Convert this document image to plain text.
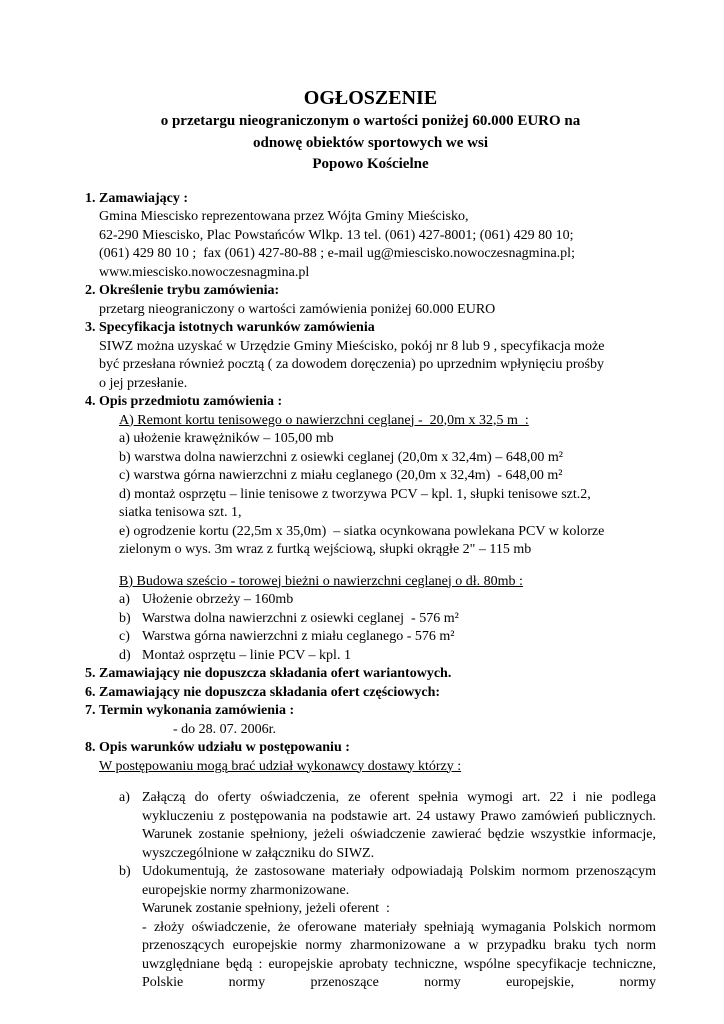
OGŁOSZENIE
o przetargu nieograniczonym o wartości poniżej 60.000 EURO na
odnowę obiektów sportowych we wsi
Popowo Kościelne
1. Zamawiający :
Gmina Miescisko reprezentowana przez Wójta Gminy Mieścisko,
62-290 Miescisko, Plac Powstańców Wlkp. 13 tel. (061) 427-8001; (061) 429 80 10;
(061) 429 80 10 ;  fax (061) 427-80-88 ; e-mail ug@miescisko.nowoczesnagmina.pl;
www.miescisko.nowoczesnagmina.pl
2. Określenie trybu zamówienia:
przetarg nieograniczony o wartości zamówienia poniżej 60.000 EURO
3. Specyfikacja istotnych warunków zamówienia
SIWZ można uzyskać w Urzędzie Gminy Mieścisko, pokój nr 8 lub 9 , specyfikacja może
być przesłana również pocztą ( za dowodem doręczenia) po uprzednim wpłynięciu prośby
o jej przesłanie.
4. Opis przedmiotu zamówienia :
A) Remont kortu tenisowego o nawierzchni ceglanej -  20,0m x 32,5 m  :
a) ułożenie krawężników – 105,00 mb
b) warstwa dolna nawierzchni z osiewki ceglanej (20,0m x 32,4m) – 648,00 m²
c) warstwa górna nawierzchni z miału ceglanego (20,0m x 32,4m)  - 648,00 m²
d) montaż osprzętu – linie tenisowe z tworzywa PCV – kpl. 1, słupki tenisowe szt.2,
siatka tenisowa szt. 1,
e) ogrodzenie kortu (22,5m x 35,0m)  – siatka ocynkowana powlekana PCV w kolorze
zielonym o wys. 3m wraz z furtką wejściową, słupki okrągłe 2" – 115 mb
B) Budowa sześcio - torowej bieżni o nawierzchni ceglanej o dł. 80mb :
a) Ułożenie obrzeży – 160mb
b) Warstwa dolna nawierzchni z osiewki ceglanej  - 576 m²
c) Warstwa górna nawierzchni z miału ceglanego - 576 m²
d) Montaż osprzętu – linie PCV – kpl. 1
5. Zamawiający nie dopuszcza składania ofert wariantowych.
6. Zamawiający nie dopuszcza składania ofert częściowych:
7. Termin wykonania zamówienia :
- do 28. 07. 2006r.
8. Opis warunków udziału w postępowaniu :
W postępowaniu mogą brać udział wykonawcy dostawy którzy :
a) Załączą do oferty oświadczenia, ze oferent spełnia wymogi art. 22 i nie podlega wykluczeniu z postępowania na podstawie art. 24 ustawy Prawo zamówień publicznych. Warunek zostanie spełniony, jeżeli oświadczenie zawierać będzie wszystkie informacje, wyszczególnione w załączniku do SIWZ.
b) Udokumentują, że zastosowane materiały odpowiadają Polskim normom przenoszącym europejskie normy zharmonizowane.
Warunek zostanie spełniony, jeżeli oferent  :
- złoży oświadczenie, że oferowane materiały spełniają wymagania Polskich normom przenoszących europejskie normy zharmonizowane a w przypadku braku tych norm uwzględniane będą : europejskie aprobaty techniczne, wspólne specyfikacje techniczne, Polskie normy przenoszące normy europejskie, normy
